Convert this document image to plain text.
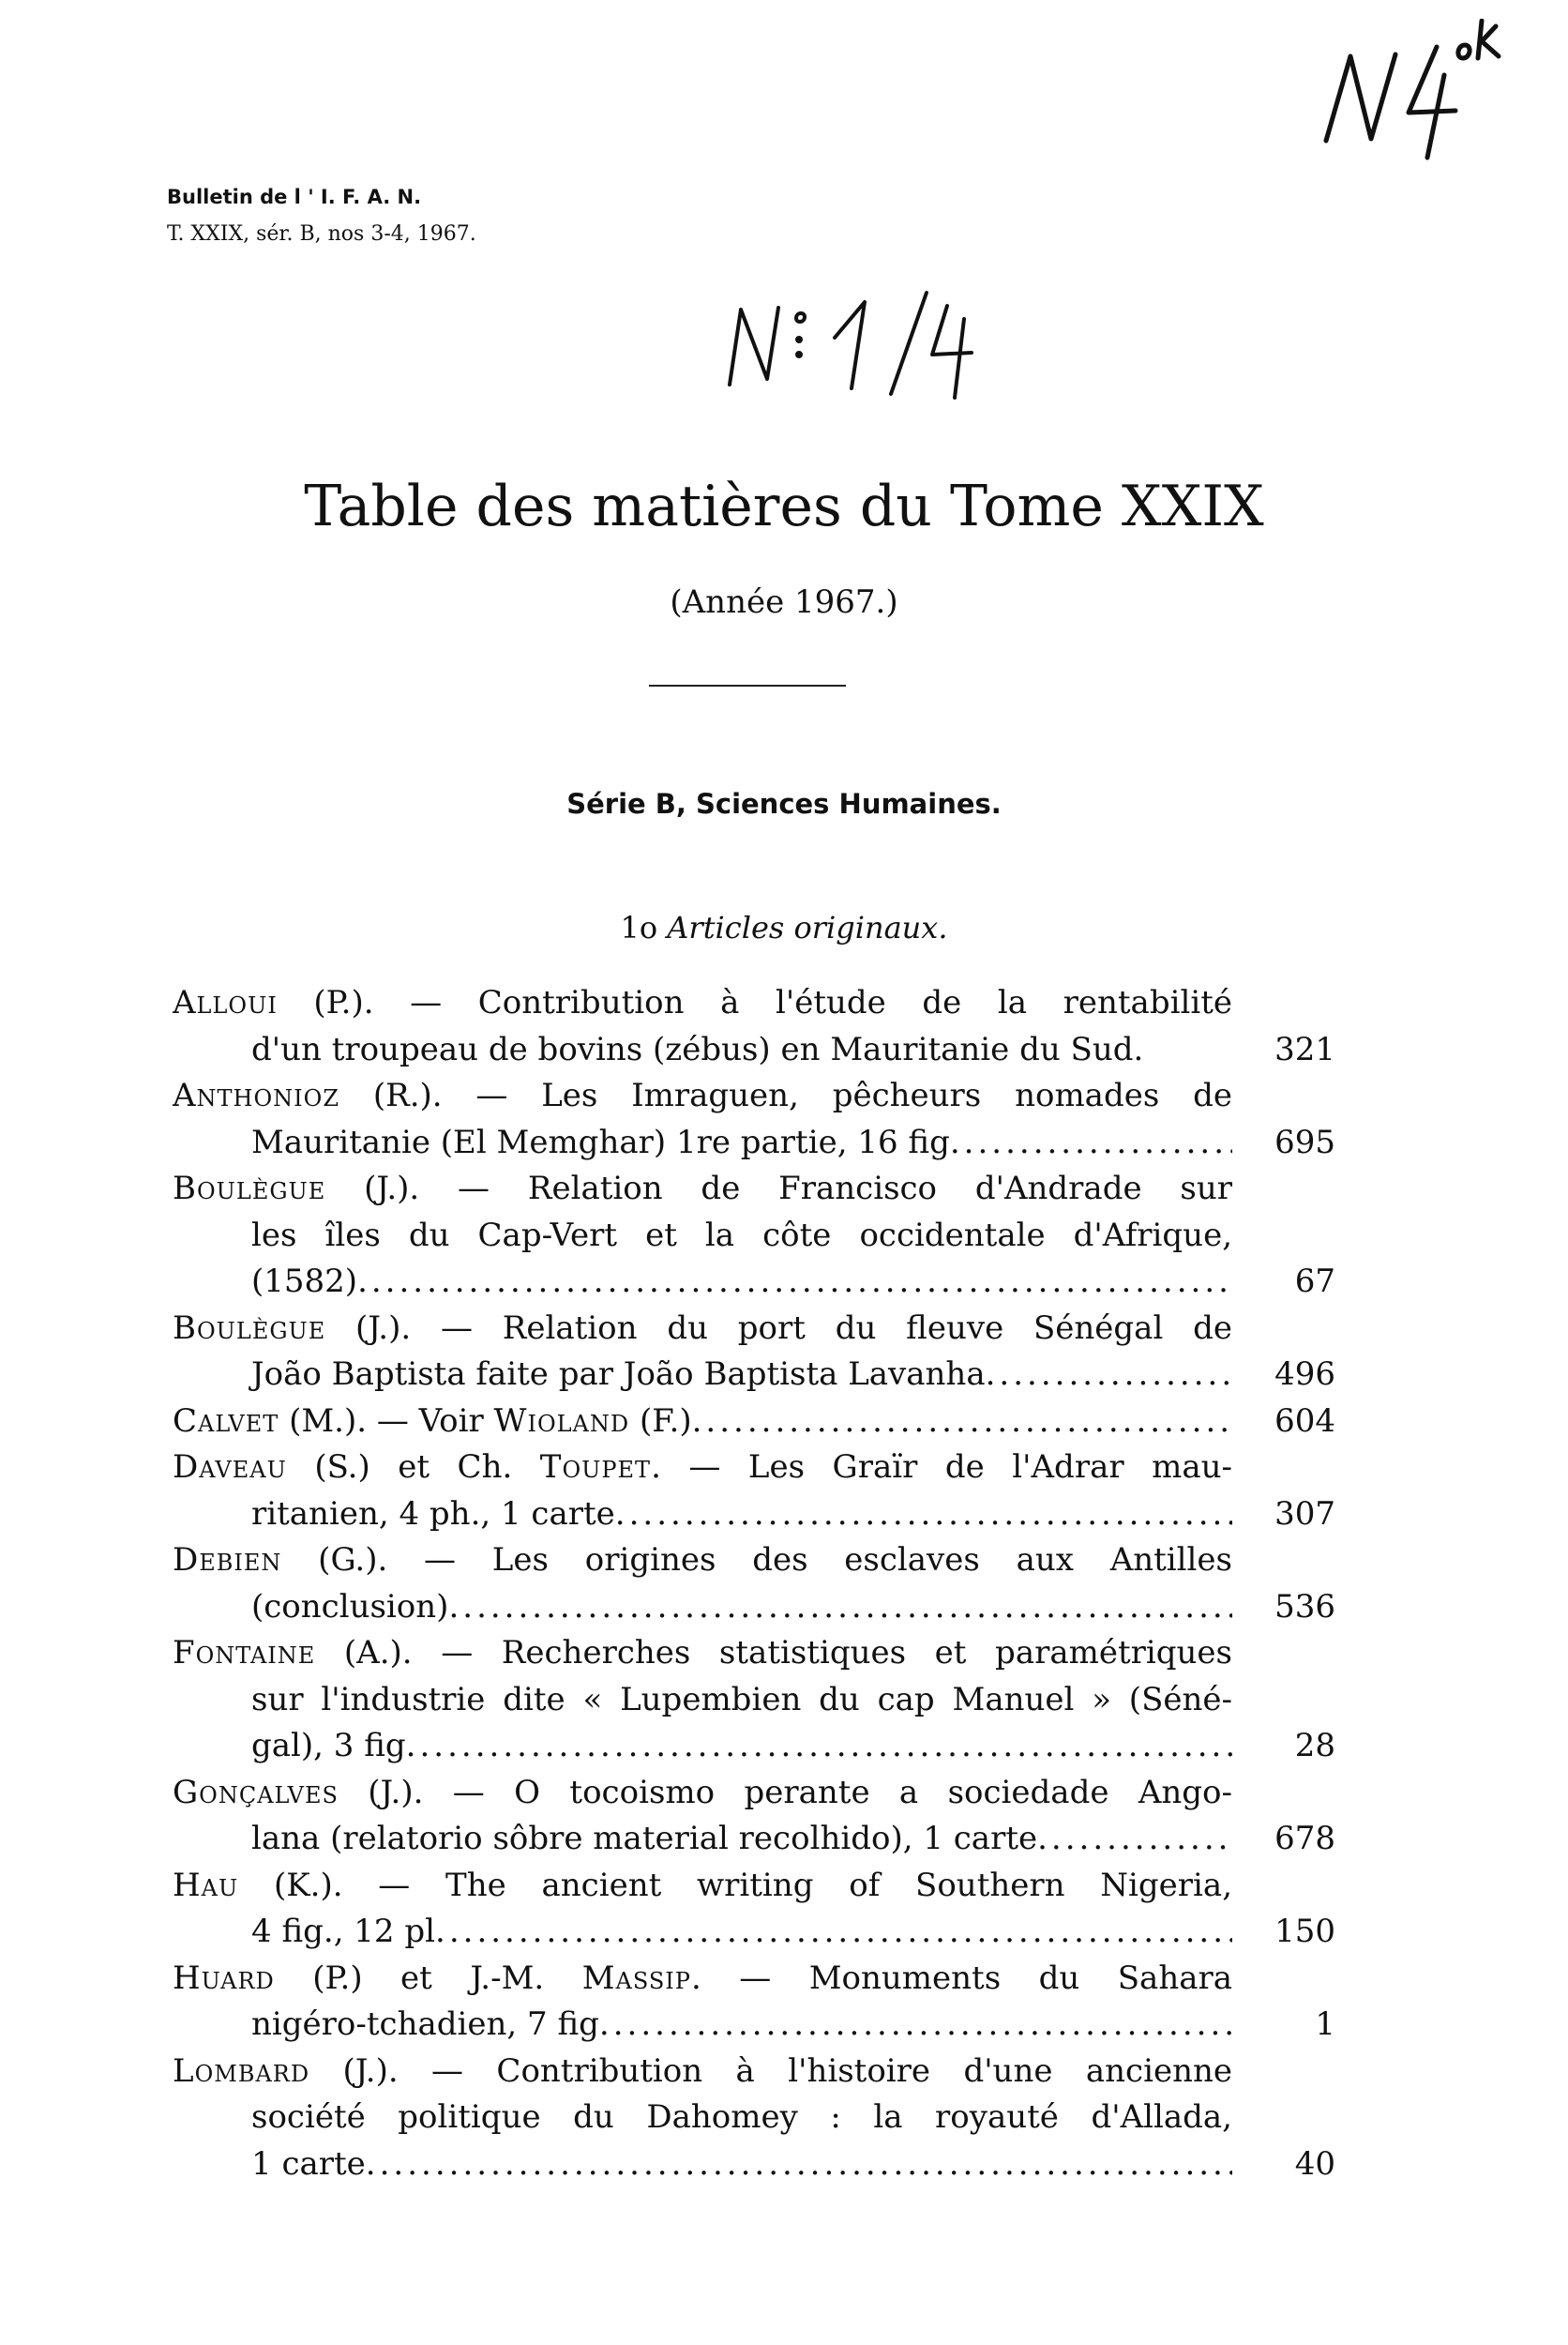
Bulletin de l ' I. F. A. N.
T. XXIX, sér. B, nos 3-4, 1967.
Table des matières du Tome XXIX
(Année 1967.)
Série B, Sciences Humaines.
1o Articles originaux.
Alloui (P.). — Contribution à l'étude de la rentabilité
d'un troupeau de bovins (zébus) en Mauritanie du Sud.	321
Anthonioz (R.). — Les Imraguen, pêcheurs nomades de
Mauritanie (El Memghar) 1re partie, 16 fig .....	695
Boulègue (J.). — Relation de Francisco d'Andrade sur
les îles du Cap-Vert et la côte occidentale d'Afrique,
(1582) .....	67
Boulègue (J.). — Relation du port du fleuve Sénégal de
João Baptista faite par João Baptista Lavanha .....	496
Calvet (M.). — Voir Wioland (F.) .....	604
Daveau (S.) et Ch. Toupet. — Les Graïr de l'Adrar mau-
ritanien, 4 ph., 1 carte .....	307
Debien (G.). — Les origines des esclaves aux Antilles
(conclusion) .....	536
Fontaine (A.). — Recherches statistiques et paramétriques
sur l'industrie dite « Lupembien du cap Manuel » (Séné-
gal), 3 fig .....	28
Gonçalves (J.). — O tocoismo perante a sociedade Ango-
lana (relatorio sôbre material recolhido), 1 carte .....	678
Hau (K.). — The ancient writing of Southern Nigeria,
4 fig., 12 pl .....	150
Huard (P.) et J.-M. Massip. — Monuments du Sahara
nigéro-tchadien, 7 fig .....	1
Lombard (J.). — Contribution à l'histoire d'une ancienne
société politique du Dahomey : la royauté d'Allada,
1 carte .....	40
